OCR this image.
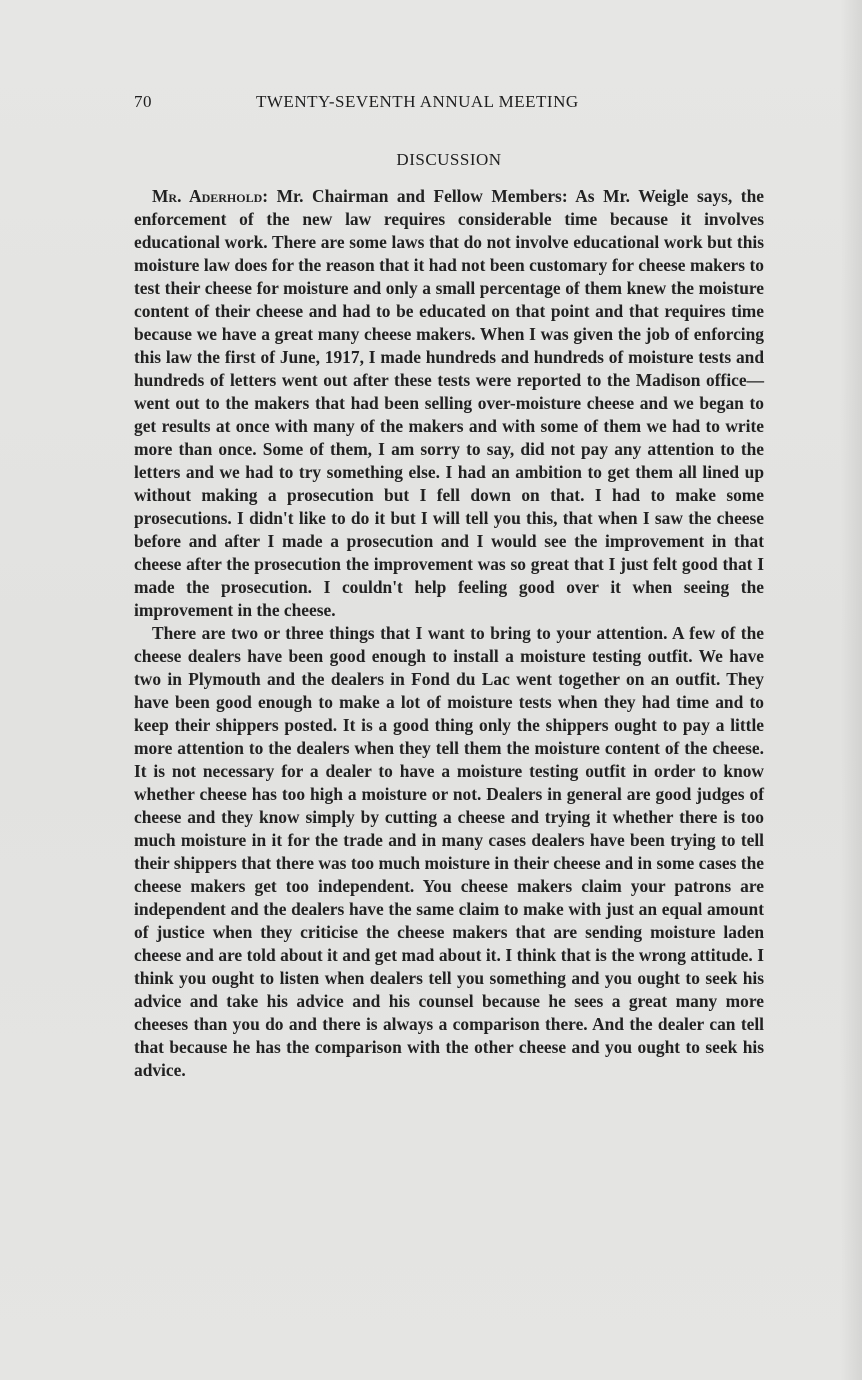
70	TWENTY-SEVENTH ANNUAL MEETING
DISCUSSION

Mr. Aderhold: Mr. Chairman and Fellow Members: As Mr. Weigle says, the enforcement of the new law requires considerable time because it involves educational work. There are some laws that do not involve educational work but this moisture law does for the reason that it had not been customary for cheese makers to test their cheese for moisture and only a small percentage of them knew the moisture content of their cheese and had to be educated on that point and that requires time because we have a great many cheese makers. When I was given the job of enforcing this law the first of June, 1917, I made hundreds and hundreds of moisture tests and hundreds of letters went out after these tests were reported to the Madison office—went out to the makers that had been selling over-moisture cheese and we began to get results at once with many of the makers and with some of them we had to write more than once. Some of them, I am sorry to say, did not pay any attention to the letters and we had to try something else. I had an ambition to get them all lined up without making a prosecution but I fell down on that. I had to make some prosecutions. I didn't like to do it but I will tell you this, that when I saw the cheese before and after I made a prosecution and I would see the improvement in that cheese after the prosecution the improvement was so great that I just felt good that I made the prosecution. I couldn't help feeling good over it when seeing the improvement in the cheese.

There are two or three things that I want to bring to your attention. A few of the cheese dealers have been good enough to install a moisture testing outfit. We have two in Plymouth and the dealers in Fond du Lac went together on an outfit. They have been good enough to make a lot of moisture tests when they had time and to keep their shippers posted. It is a good thing only the shippers ought to pay a little more attention to the dealers when they tell them the moisture content of the cheese. It is not necessary for a dealer to have a moisture testing outfit in order to know whether cheese has too high a moisture or not. Dealers in general are good judges of cheese and they know simply by cutting a cheese and trying it whether there is too much moisture in it for the trade and in many cases dealers have been trying to tell their shippers that there was too much moisture in their cheese and in some cases the cheese makers get too independent. You cheese makers claim your patrons are independent and the dealers have the same claim to make with just an equal amount of justice when they criticise the cheese makers that are sending moisture laden cheese and are told about it and get mad about it. I think that is the wrong attitude. I think you ought to listen when dealers tell you something and you ought to seek his advice and take his advice and his counsel because he sees a great many more cheeses than you do and there is always a comparison there. And the dealer can tell that because he has the comparison with the other cheese and you ought to seek his advice.
